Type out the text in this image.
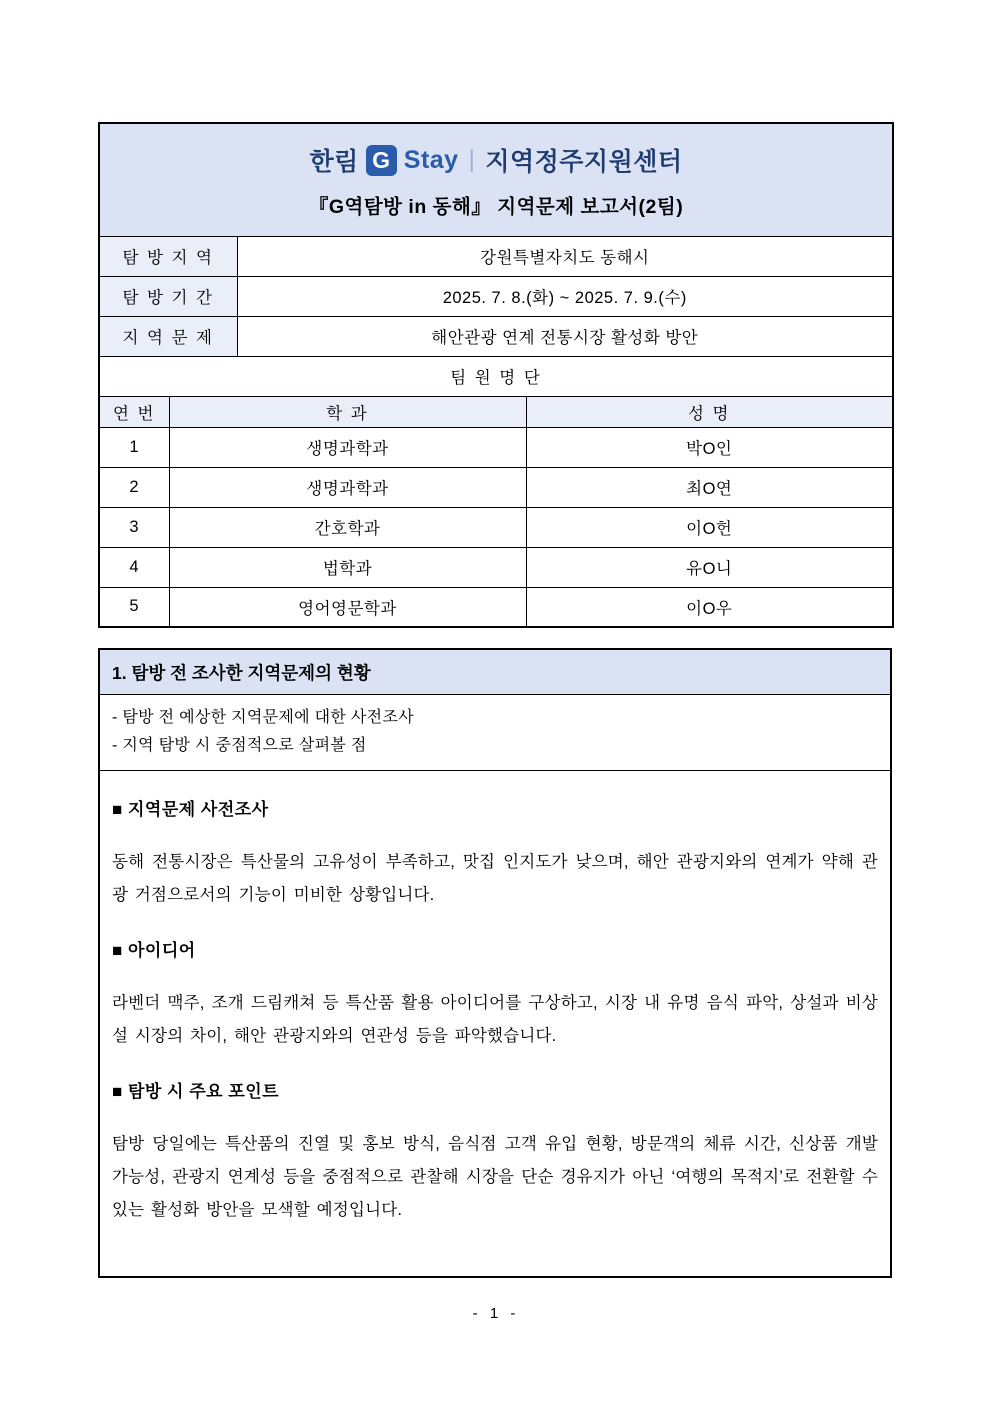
한림 G Stay | 지역정주지원센터
『G역탐방 in 동해』 지역문제 보고서(2팀)

탐 방 지 역		강원특별자치도 동해시	
탐 방 기 간		2025. 7. 8.(화) ~ 2025. 7. 9.(수)	
지 역 문 제		해안관광 연계 전통시장 활성화 방안	
팀 원 명 단			
연 번	학 과		성 명
1	생명과학과		박O인
2	생명과학과		최O연
3	간호학과		이O헌
4	법학과		유O니
5	영어영문학과		이O우
1. 탐방 전 조사한 지역문제의 현황
- 탐방 전 예상한 지역문제에 대한 사전조사
- 지역 탐방 시 중점적으로 살펴볼 점
■ 지역문제 사전조사
동해 전통시장은 특산물의 고유성이 부족하고, 맛집 인지도가 낮으며, 해안 관광지와의 연계가 약해 관광 거점으로서의 기능이 미비한 상황입니다.
■ 아이디어
라벤더 맥주, 조개 드림캐쳐 등 특산품 활용 아이디어를 구상하고, 시장 내 유명 음식 파악, 상설과 비상설 시장의 차이, 해안 관광지와의 연관성 등을 파악했습니다.
■ 탐방 시 주요 포인트
탐방 당일에는 특산품의 진열 및 홍보 방식, 음식점 고객 유입 현황, 방문객의 체류 시간, 신상품 개발 가능성, 관광지 연계성 등을 중점적으로 관찰해 시장을 단순 경유지가 아닌 ‘여행의 목적지’로 전환할 수 있는 활성화 방안을 모색할 예정입니다.
- 1 -
